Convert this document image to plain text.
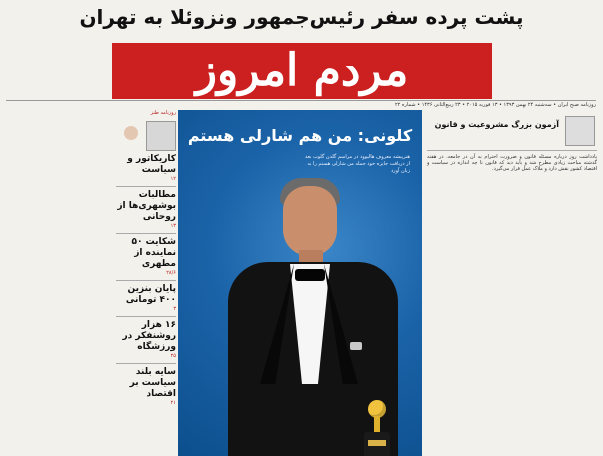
پشت پرده سفر رئیس‌جمهور ونزوئلا به تهران
مردم امروز
روزنامه صبح ایران • سه‌شنبه ۲۴ بهمن ۱۳۹۳ • ۱۳ فوریه ۲۰۱۵ • ۲۳ ربیع‌الثانی ۱۴۳۶ • شماره ۲۲
روزنامه طنز
کاریکاتور و سیاست
۱۲
مطالبات بوشهری‌ها از روحانی
۱۳
شکایت ۵۰ نماینده از مطهری
۲۸/۶
پایان بنزین ۴۰۰ تومانی
۳
۱۶ هزار روشنفکر در ورزشگاه
۲۵
سایه بلند سیاست بر اقتصاد
۲۱
کلونی: من هم شارلی هستم
هنرپیشه معروف هالیوود در مراسم گلدن گلوب بعد از دریافت جایزه خود جمله من شارلی هستم را به زبان آورد
آزمون بزرگ مشروعیت و قانون
یادداشت روز درباره مسئله قانون و ضرورت احترام به آن در جامعه. در هفته گذشته مباحث زیادی مطرح شد و باید دید که قانون تا چه اندازه در سیاست و اقتصاد کشور نقش دارد و ملاک عمل قرار می‌گیرد.
